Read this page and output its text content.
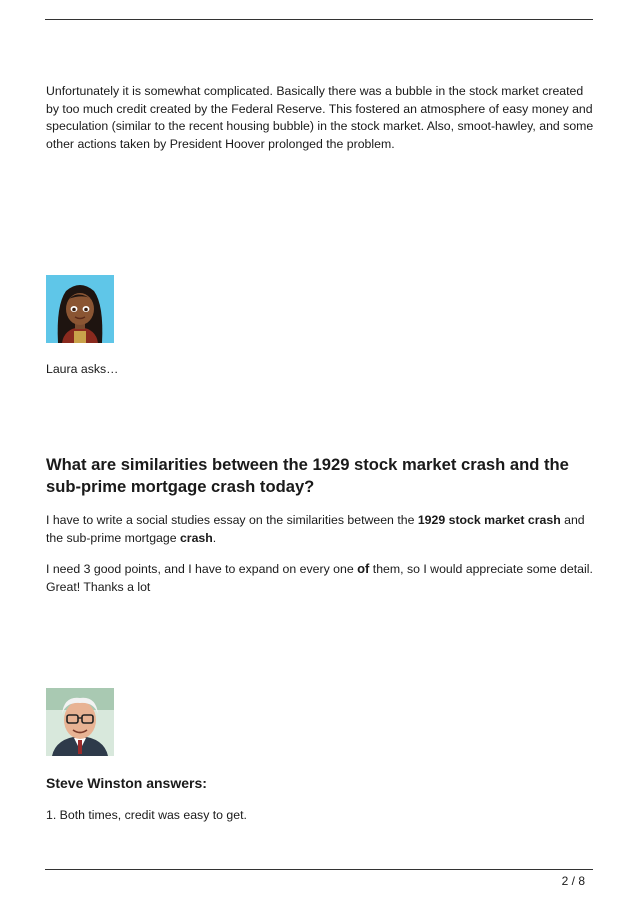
Unfortunately it is somewhat complicated. Basically there was a bubble in the stock market created by too much credit created by the Federal Reserve. This fostered an atmosphere of easy money and speculation (similar to the recent housing bubble) in the stock market. Also, smoot-hawley, and some other actions taken by President Hoover prolonged the problem.

Laura asks…

What are similarities between the 1929 stock market crash and the sub-prime mortgage crash today?

I have to write a social studies essay on the similarities between the 1929 stock market crash and the sub-prime mortgage crash.

I need 3 good points, and I have to expand on every one of them, so I would appreciate some detail. Great! Thanks a lot

Steve Winston answers:

1. Both times, credit was easy to get.

2 / 8
